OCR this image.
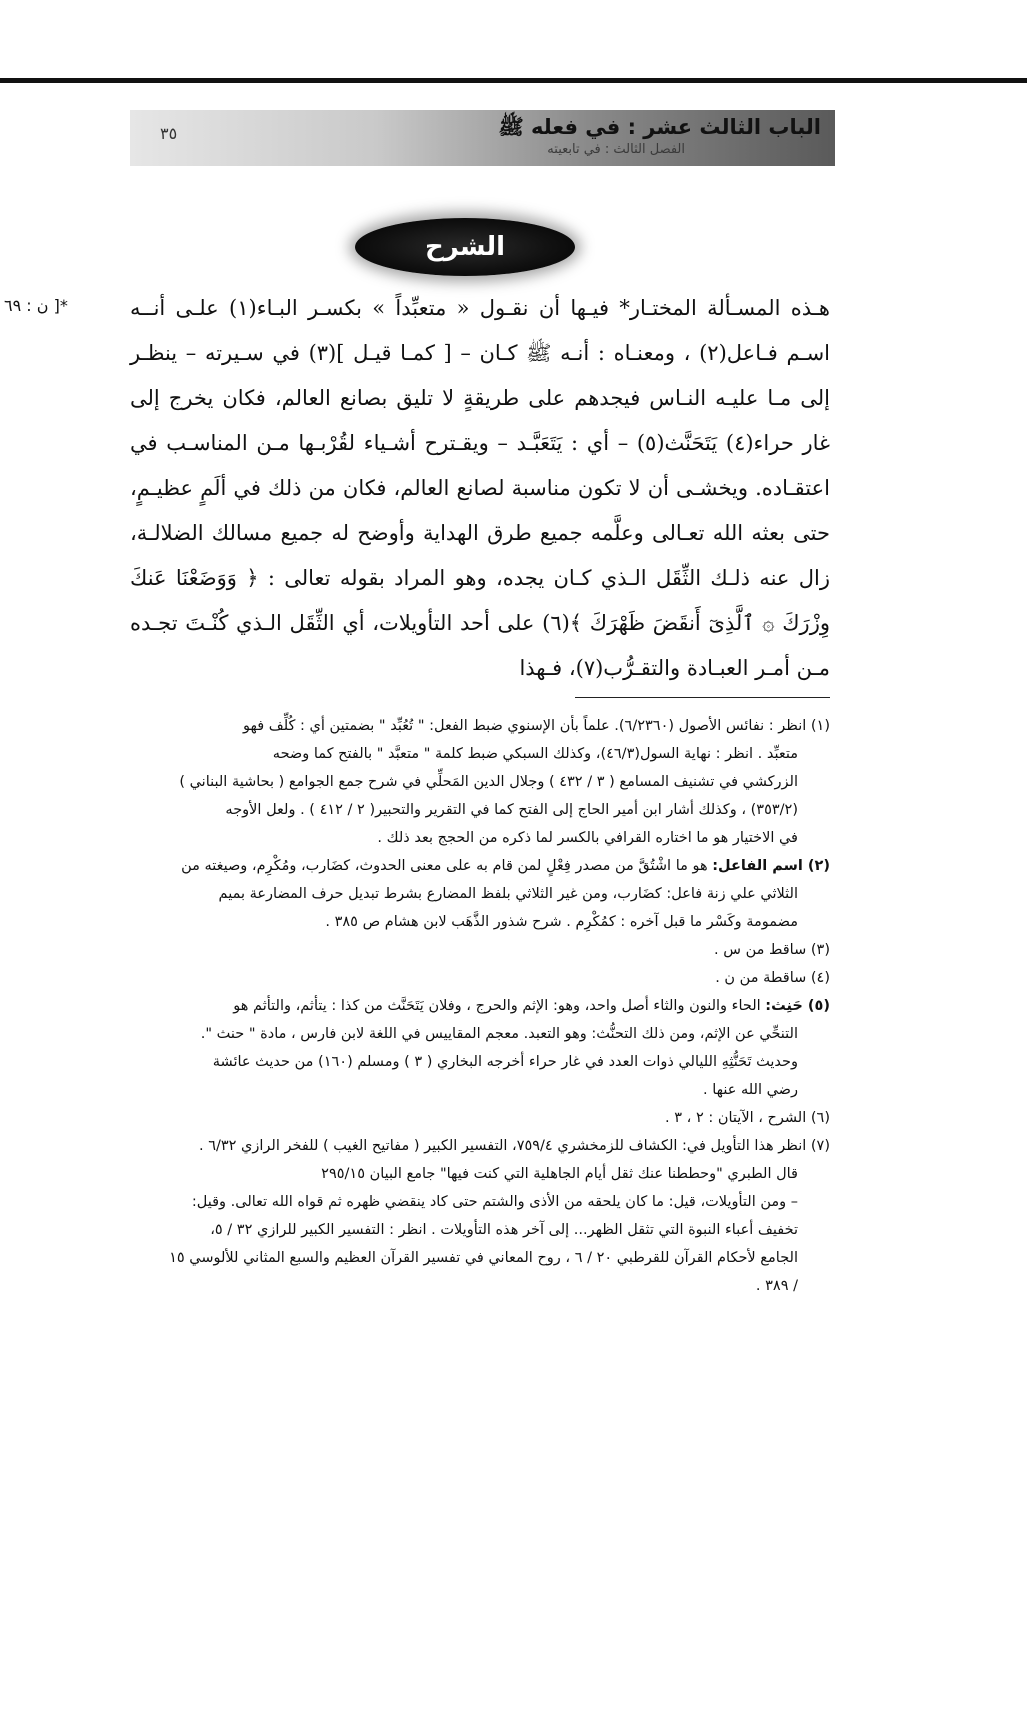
الباب الثالث عشر : في فعله ﷺ
الفصل الثالث : في تابعيته
٣٥
الشرح
*[ ن : ٦٩	هـذه المسـألة المختـار* فيـها أن نقـول « متعبِّداً » بكسـر البـاء(١) علـى أنــه اسـم فـاعل(٢) ، ومعنـاه : أنـه ﷺ كـان – [ كمـا قيـل ](٣) في سـيرته – ينظـر إلى مـا عليـه النـاس فيجدهم على طريقةٍ لا تليق بصانع العالم، فكان يخرج إلى غار حراء(٤) يَتَحَنَّث(٥) – أي : يَتَعَبَّـد – ويقـترح أشـياء لقُرْبـها مـن المناسـب في اعتقـاده. ويخشـى أن لا تكون مناسبة لصانع العالم، فكان من ذلك في ألَمٍ عظيـمٍ، حتى بعثه الله تعـالى وعلَّمه جميع طرق الهداية وأوضح له جميع مسالك الضلالـة، زال عنه ذلـك الثِّقَل الـذي كـان يجده، وهو المراد بقوله تعالى : ﴿ وَوَضَعْنَا عَنكَ وِزْرَكَ ۞ ٱلَّذِىٓ أَنقَضَ ظَهْرَكَ ﴾(٦) على أحد التأويلات، أي الثِّقَل الـذي كُنْـتَ تجـده مـن أمـر العبـادة والتقـرُّب(٧)، فـهذا

(١) انظر : نفائس الأصول (٦/٢٣٦٠). علماً بأن الإسنوي ضبط الفعل: " تُعُبِّد " بضمتين أي : كُلِّف فهو

متعبِّد . انظر : نهاية السول(٤٦/٣)، وكذلك السبكي ضبط كلمة " متعبَّد " بالفتح كما وضحه

الزركشي في تشنيف المسامع ( ٣ / ٤٣٢ ) وجلال الدين المَحلِّي في شرح جمع الجوامع ( بحاشية البناني )

(٣٥٣/٢) ، وكذلك أشار ابن أمير الحاج إلى الفتح كما في التقرير والتحبير( ٢ / ٤١٢ ) . ولعل الأوجه

في الاختيار هو ما اختاره القرافي بالكسر لما ذكره من الحجج بعد ذلك .

(٢) اسم الفاعل: هو ما اشْتُقَّ من مصدر فِعْلٍ لمن قام به على معنى الحدوث، كضَارب، ومُكْرِم، وصيغته من

الثلاثي علي زنة فاعل: كضَارب، ومن غير الثلاثي بلفظ المضارع بشرط تبديل حرف المضارعة بميم

مضمومة وكَسْر ما قبل آخره : كمُكْرِم . شرح شذور الذَّهَب لابن هشام ص ٣٨٥ .

(٣) ساقط من س .

(٤) ساقطة من ن .

(٥) حَنِث: الحاء والنون والثاء أصل واحد، وهو: الإثم والحرج ، وفلان يَتَحَنَّث من كذا : يتأثم، والتأثم هو

التنحِّي عن الإثم، ومن ذلك التحنُّث: وهو التعبد. معجم المقاييس في اللغة لابن فارس ، مادة " حنث ".

وحديث تَحَنُّثِهِ الليالي ذوات العدد في غار حراء أخرجه البخاري ( ٣ ) ومسلم (١٦٠) من حديث عائشة

رضي الله عنها .

(٦) الشرح ، الآيتان : ٢ ، ٣ .

(٧) انظر هذا التأويل في: الكشاف للزمخشري ٧٥٩/٤، التفسير الكبير ( مفاتيح الغيب ) للفخر الرازي ٦/٣٢ .

قال الطبري "وحططنا عنك ثقل أيام الجاهلية التي كنت فيها" جامع البيان ٢٩٥/١٥

– ومن التأويلات، قيل: ما كان يلحقه من الأذى والشتم حتى كاد ينقضي ظهره ثم قواه الله تعالى. وقيل:

تخفيف أعباء النبوة التي تثقل الظهر... إلى آخر هذه التأويلات . انظر : التفسير الكبير للرازي ٣٢ / ٥،

الجامع لأحكام القرآن للقرطبي ٢٠ / ٦ ، روح المعاني في تفسير القرآن العظيم والسبع المثاني للألوسي ١٥

/ ٣٨٩ .
